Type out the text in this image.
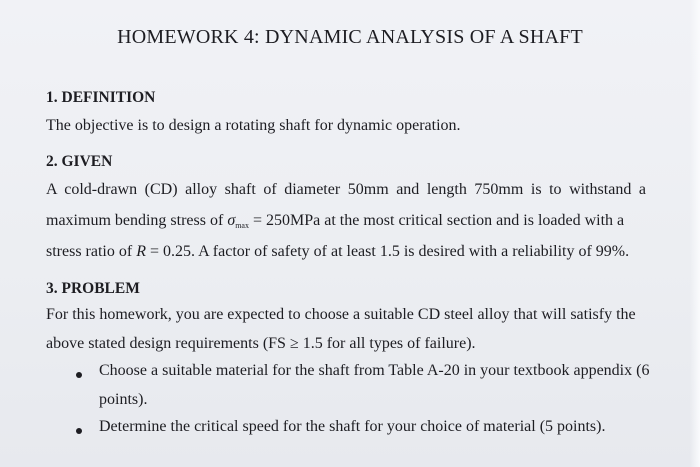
HOMEWORK 4: DYNAMIC ANALYSIS OF A SHAFT
1. DEFINITION
The objective is to design a rotating shaft for dynamic operation.
2. GIVEN
A cold-drawn (CD) alloy shaft of diameter 50mm and length 750mm is to withstand a
maximum bending stress of $\sigma_{max} = 250MPa$ at the most critical section and is loaded with a
stress ratio of R = 0.25. A factor of safety of at least 1.5 is desired with a reliability of 99%.
3. PROBLEM
For this homework, you are expected to choose a suitable CD steel alloy that will satisfy the
above stated design requirements (FS ≥ 1.5 for all types of failure).
Choose a suitable material for the shaft from Table A-20 in your textbook appendix (6
points).
Determine the critical speed for the shaft for your choice of material (5 points).
